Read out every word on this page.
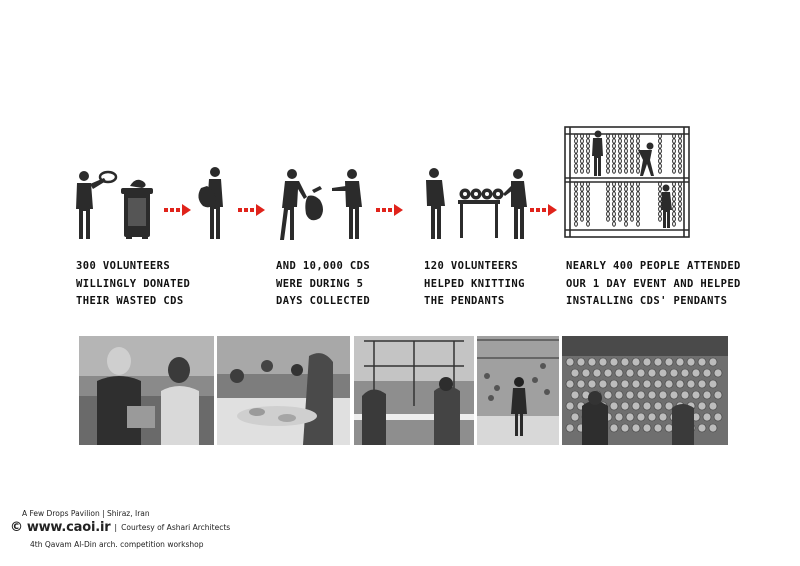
300 VOLUNTEERS
WILLINGLY DONATED
THEIR WASTED CDS
AND 10,000 CDS
WERE DURING 5
DAYS COLLECTED
120 VOLUNTEERS
HELPED KNITTING
THE PENDANTS
NEARLY 400 PEOPLE ATTENDED
OUR 1 DAY EVENT AND HELPED
INSTALLING CDS' PENDANTS
A Few Drops Pavilion | Shiraz, Iran
© www.caoi.ir | Courtesy of Ashari Architects
4th Qavam Al-Din arch. competition workshop
